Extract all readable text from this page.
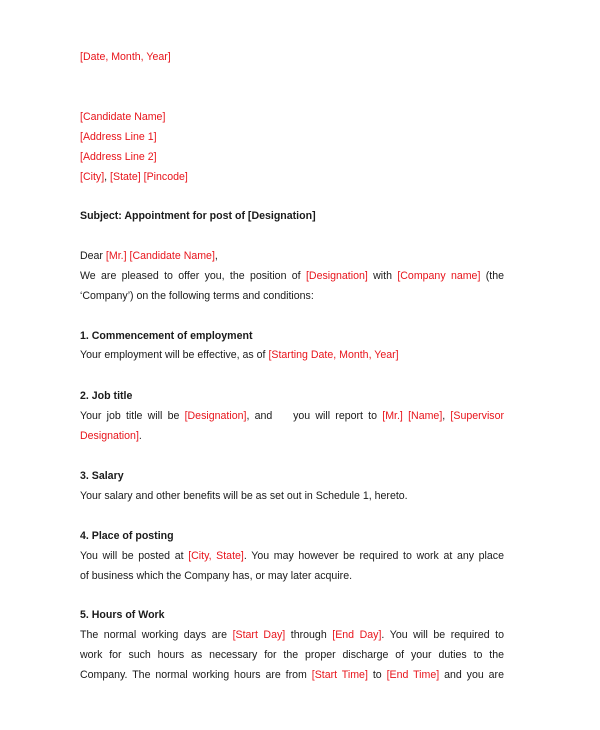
[Date, Month, Year]
[Candidate Name]
[Address Line 1]
[Address Line 2]
[City], [State] [Pincode]
Subject: Appointment for post of [Designation]
Dear [Mr.] [Candidate Name],
We are pleased to offer you, the position of [Designation] with [Company name] (the
‘Company’) on the following terms and conditions:
1. Commencement of employment
Your employment will be effective, as of [Starting Date, Month, Year]
2. Job title
Your job title will be [Designation], and    you will report to [Mr.] [Name], [Supervisor
Designation].
3. Salary
Your salary and other benefits will be as set out in Schedule 1, hereto.
4. Place of posting
You will be posted at [City, State]. You may however be required to work at any place
of business which the Company has, or may later acquire.
5. Hours of Work
The normal working days are [Start Day] through [End Day]. You will be required to
work for such hours as necessary for the proper discharge of your duties to the
Company. The normal working hours are from [Start Time] to [End Time] and you are
